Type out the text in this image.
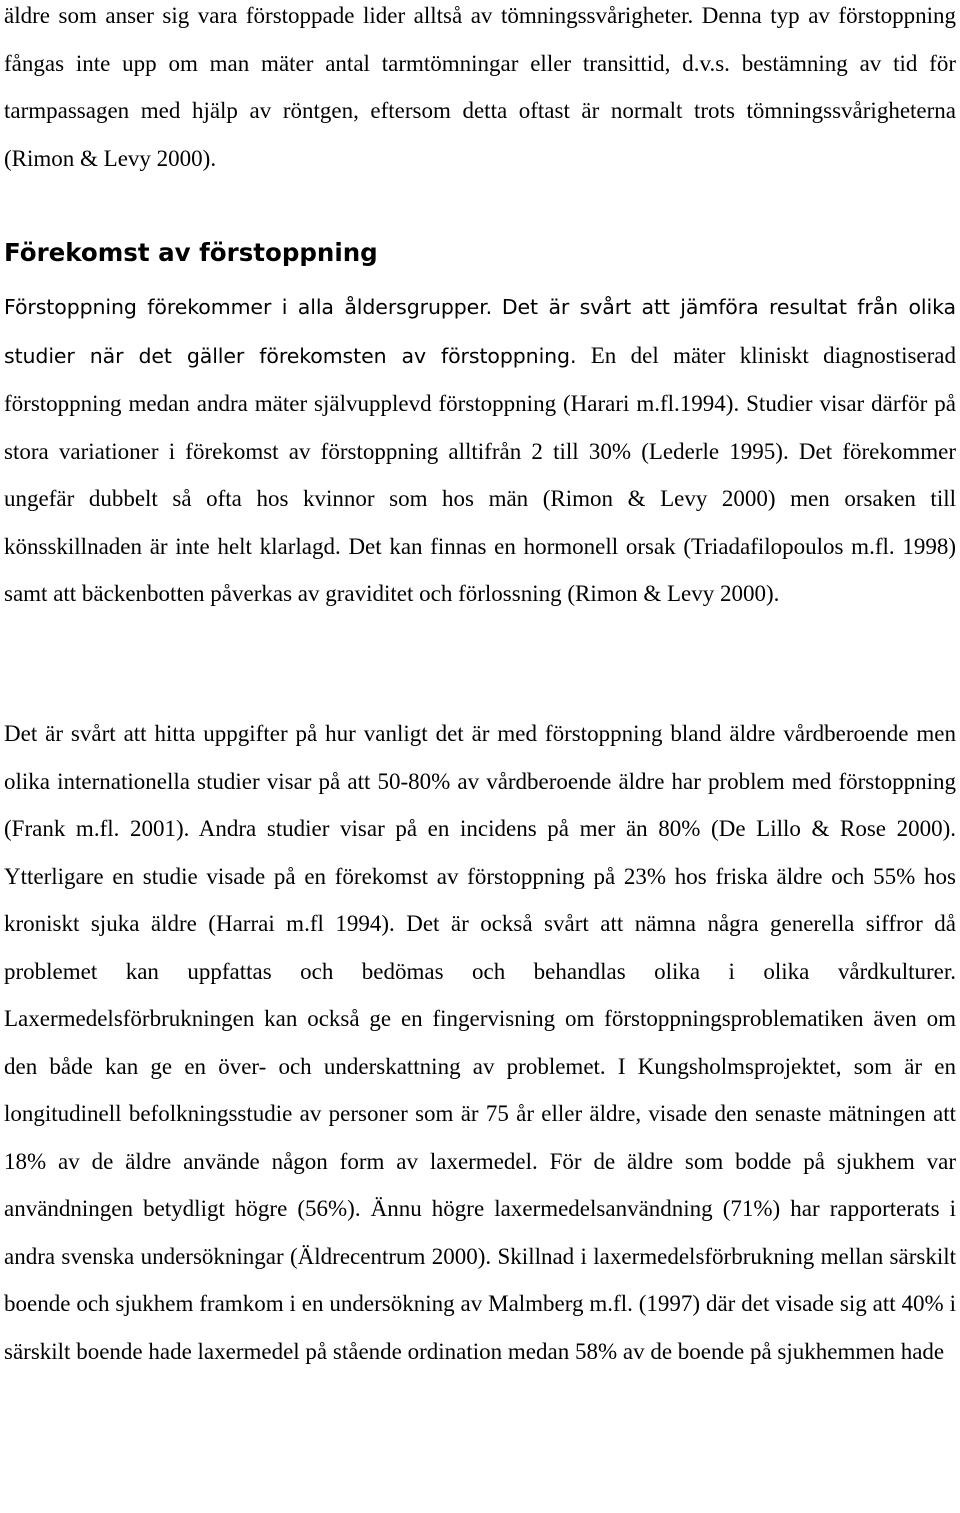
äldre som anser sig vara förstoppade lider alltså av tömningssvårigheter. Denna typ av förstoppning fångas inte upp om man mäter antal tarmtömningar eller transittid, d.v.s. bestämning av tid för tarmpassagen med hjälp av röntgen, eftersom detta oftast är normalt trots tömningssvårigheterna (Rimon & Levy 2000).

Förekomst av förstoppning

Förstoppning förekommer i alla åldersgrupper. Det är svårt att jämföra resultat från olika studier när det gäller förekomsten av förstoppning. En del mäter kliniskt diagnostiserad förstoppning medan andra mäter självupplevd förstoppning (Harari m.fl.1994). Studier visar därför på stora variationer i förekomst av förstoppning alltifrån 2 till 30% (Lederle 1995). Det förekommer ungefär dubbelt så ofta hos kvinnor som hos män (Rimon & Levy 2000) men orsaken till könsskillnaden är inte helt klarlagd. Det kan finnas en hormonell orsak (Triadafilopoulos m.fl. 1998) samt att bäckenbotten påverkas av graviditet och förlossning (Rimon & Levy 2000).

Det är svårt att hitta uppgifter på hur vanligt det är med förstoppning bland äldre vårdberoende men olika internationella studier visar på att 50-80% av vårdberoende äldre har problem med förstoppning (Frank m.fl. 2001). Andra studier visar på en incidens på mer än 80% (De Lillo & Rose 2000). Ytterligare en studie visade på en förekomst av förstoppning på 23% hos friska äldre och 55% hos kroniskt sjuka äldre (Harrai m.fl 1994). Det är också svårt att nämna några generella siffror då problemet kan uppfattas och bedömas och behandlas olika i olika vårdkulturer. Laxermedelsförbrukningen kan också ge en fingervisning om förstoppningsproblematiken även om den både kan ge en över- och underskattning av problemet. I Kungsholmsprojektet, som är en longitudinell befolkningsstudie av personer som är 75 år eller äldre, visade den senaste mätningen att 18% av de äldre använde någon form av laxermedel. För de äldre som bodde på sjukhem var användningen betydligt högre (56%). Ännu högre laxermedelsanvändning (71%) har rapporterats i andra svenska undersökningar (Äldrecentrum 2000). Skillnad i laxermedelsförbrukning mellan särskilt boende och sjukhem framkom i en undersökning av Malmberg m.fl. (1997) där det visade sig att 40% i särskilt boende hade laxermedel på stående ordination medan 58% av de boende på sjukhemmen hade
